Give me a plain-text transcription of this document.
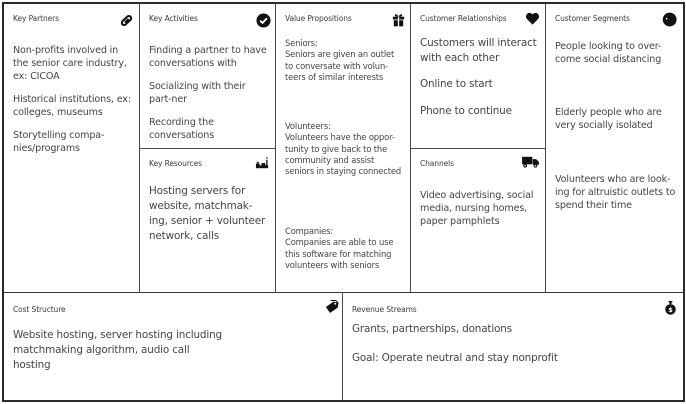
Key Partners

Non-profits involved in the senior care industry, ex: CICOA

Historical institutions, ex: colleges, museums

Storytelling compa-nies/programs

Key Activities

Finding a partner to have conversations with

Socializing with their part-ner

Recording the conversations

Key Resources

Hosting servers for website, matchmak-ing, senior + volunteer network, calls

Value Propositions

Seniors:

Seniors are given an outlet to conversate with volun-teers of similar interests

Volunteers:

Volunteers have the oppor-tunity to give back to the community and assist seniors in staying connected

Companies:

Companies are able to use this software for matching volunteers with seniors

Customer Relationships

Customers will interact with each other

Online to start

Phone to continue

Channels

Video advertising, social media, nursing homes, paper pamphlets

Customer Segments

People looking to over-come social distancing

Elderly people who are very socially isolated

Volunteers who are look-ing for altruistic outlets to spend their time

Cost Structure

Website hosting, server hosting including matchmaking algorithm, audio call hosting

Revenue Streams	$

Grants, partnerships, donations

Goal: Operate neutral and stay nonprofit
